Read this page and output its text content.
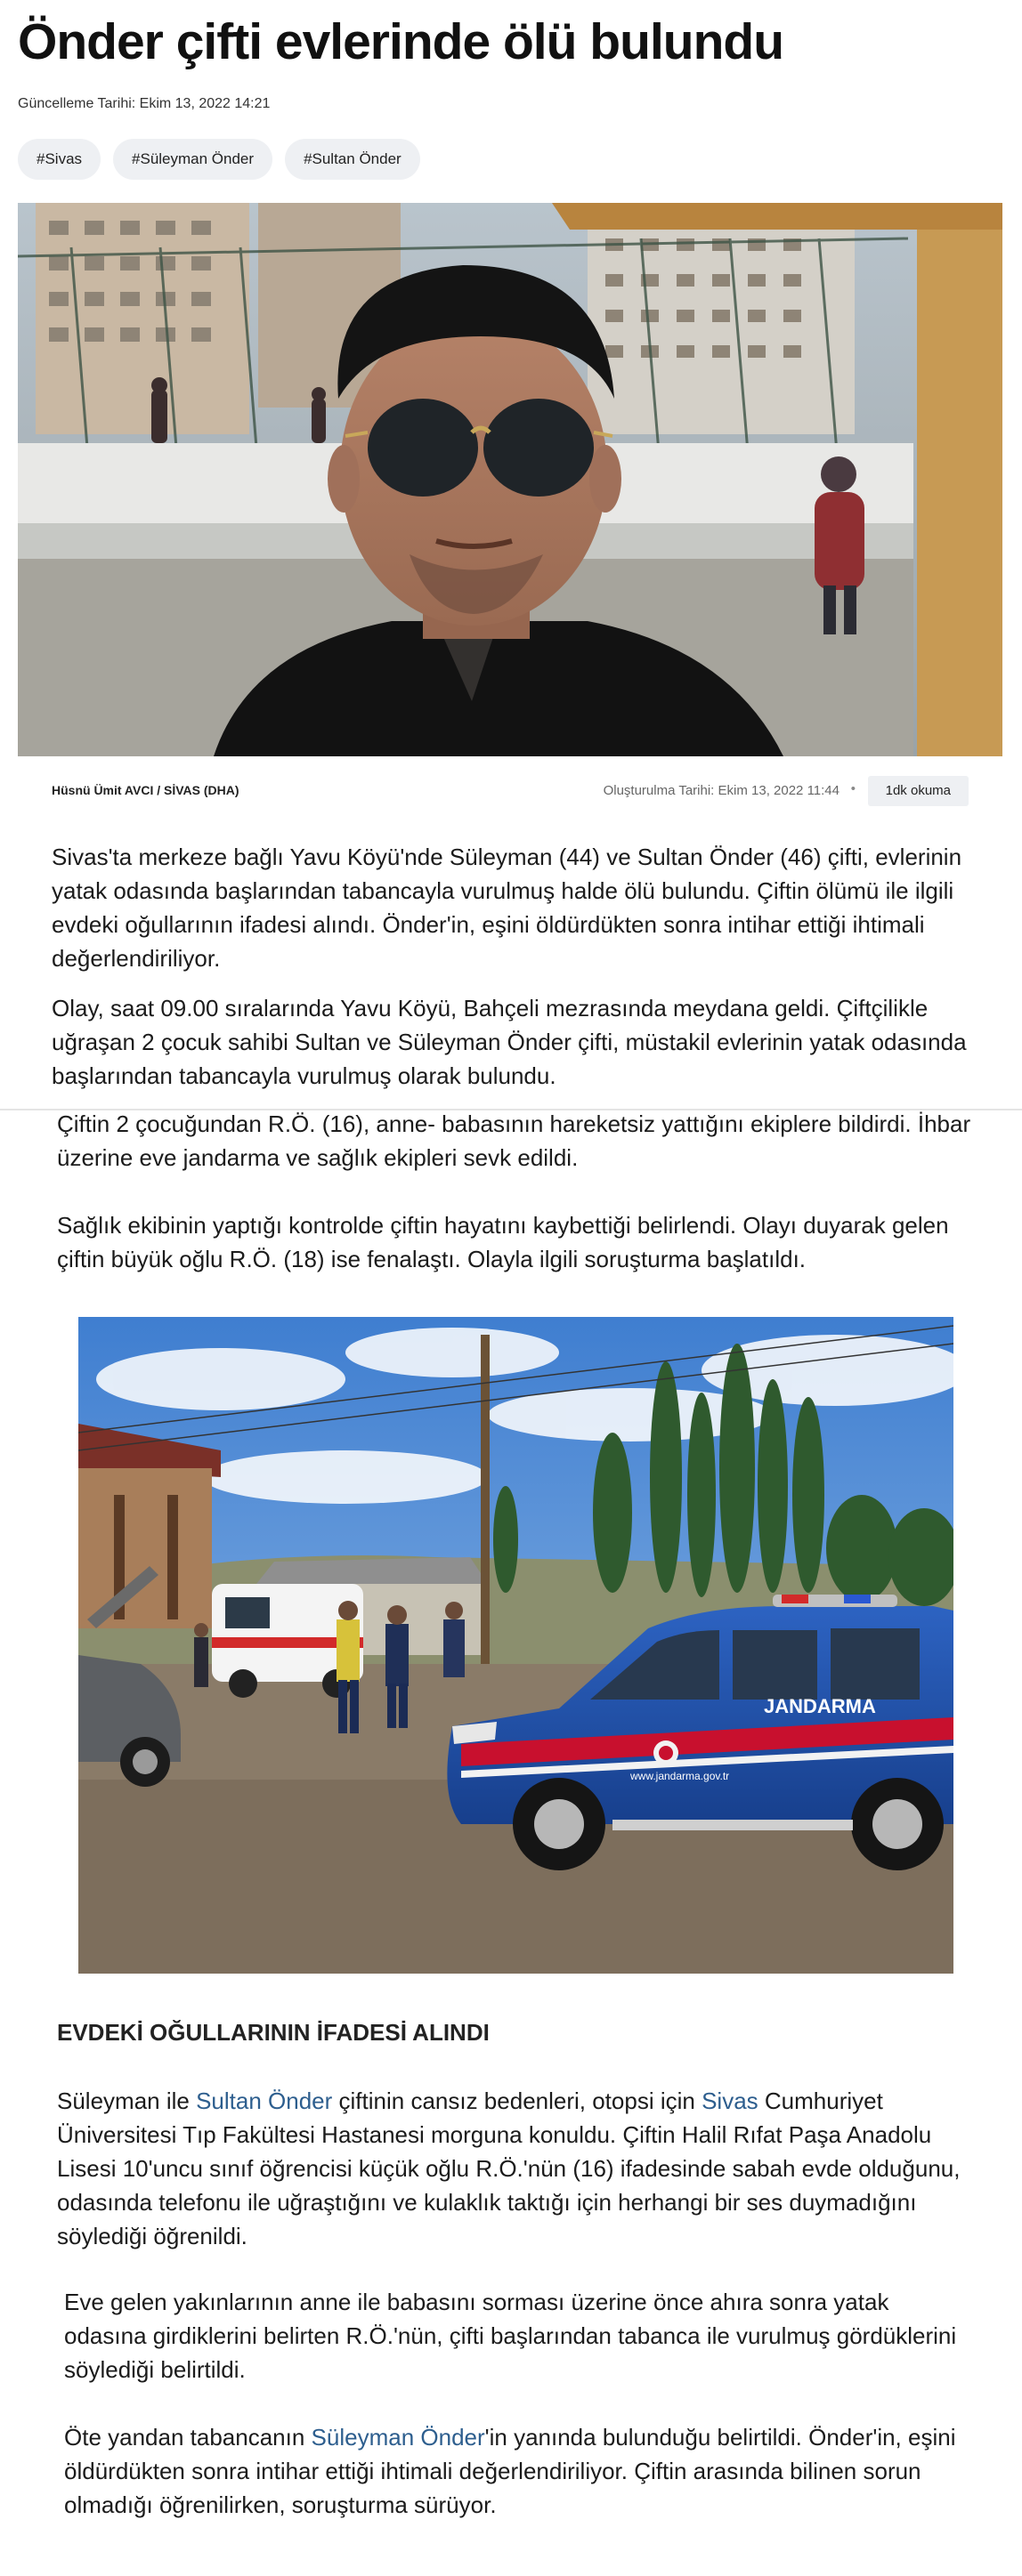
Önder çifti evlerinde ölü bulundu
Güncelleme Tarihi: Ekim 13, 2022 14:21
#Sivas	#Süleyman Önder	#Sultan Önder
Hüsnü Ümit AVCI / SİVAS (DHA)	Oluşturulma Tarihi: Ekim 13, 2022 11:44 •	1dk okuma

Sivas'ta merkeze bağlı Yavu Köyü'nde Süleyman (44) ve Sultan Önder (46) çifti, evlerinin yatak odasında başlarından tabancayla vurulmuş halde ölü bulundu. Çiftin ölümü ile ilgili evdeki oğullarının ifadesi alındı. Önder'in, eşini öldürdükten sonra intihar ettiği ihtimali değerlendiriliyor.

Olay, saat 09.00 sıralarında Yavu Köyü, Bahçeli mezrasında meydana geldi. Çiftçilikle uğraşan 2 çocuk sahibi Sultan ve Süleyman Önder çifti, müstakil evlerinin yatak odasında başlarından tabancayla vurulmuş olarak bulundu.

Çiftin 2 çocuğundan R.Ö. (16), anne- babasının hareketsiz yattığını ekiplere bildirdi. İhbar üzerine eve jandarma ve sağlık ekipleri sevk edildi.

Sağlık ekibinin yaptığı kontrolde çiftin hayatını kaybettiği belirlendi. Olayı duyarak gelen çiftin büyük oğlu R.Ö. (18) ise fenalaştı. Olayla ilgili soruşturma başlatıldı.

JANDARMA
www.jandarma.gov.tr
EVDEKİ OĞULLARININ İFADESİ ALINDI

Süleyman ile Sultan Önder çiftinin cansız bedenleri, otopsi için Sivas Cumhuriyet Üniversitesi Tıp Fakültesi Hastanesi morguna konuldu. Çiftin Halil Rıfat Paşa Anadolu Lisesi 10'uncu sınıf öğrencisi küçük oğlu R.Ö.'nün (16) ifadesinde sabah evde olduğunu, odasında telefonu ile uğraştığını ve kulaklık taktığı için herhangi bir ses duymadığını söylediği öğrenildi.

Eve gelen yakınlarının anne ile babasını sorması üzerine önce ahıra sonra yatak odasına girdiklerini belirten R.Ö.'nün, çifti başlarından tabanca ile vurulmuş gördüklerini söylediği belirtildi.

Öte yandan tabancanın Süleyman Önder'in yanında bulunduğu belirtildi. Önder'in, eşini öldürdükten sonra intihar ettiği ihtimali değerlendiriliyor. Çiftin arasında bilinen sorun olmadığı öğrenilirken, soruşturma sürüyor.
